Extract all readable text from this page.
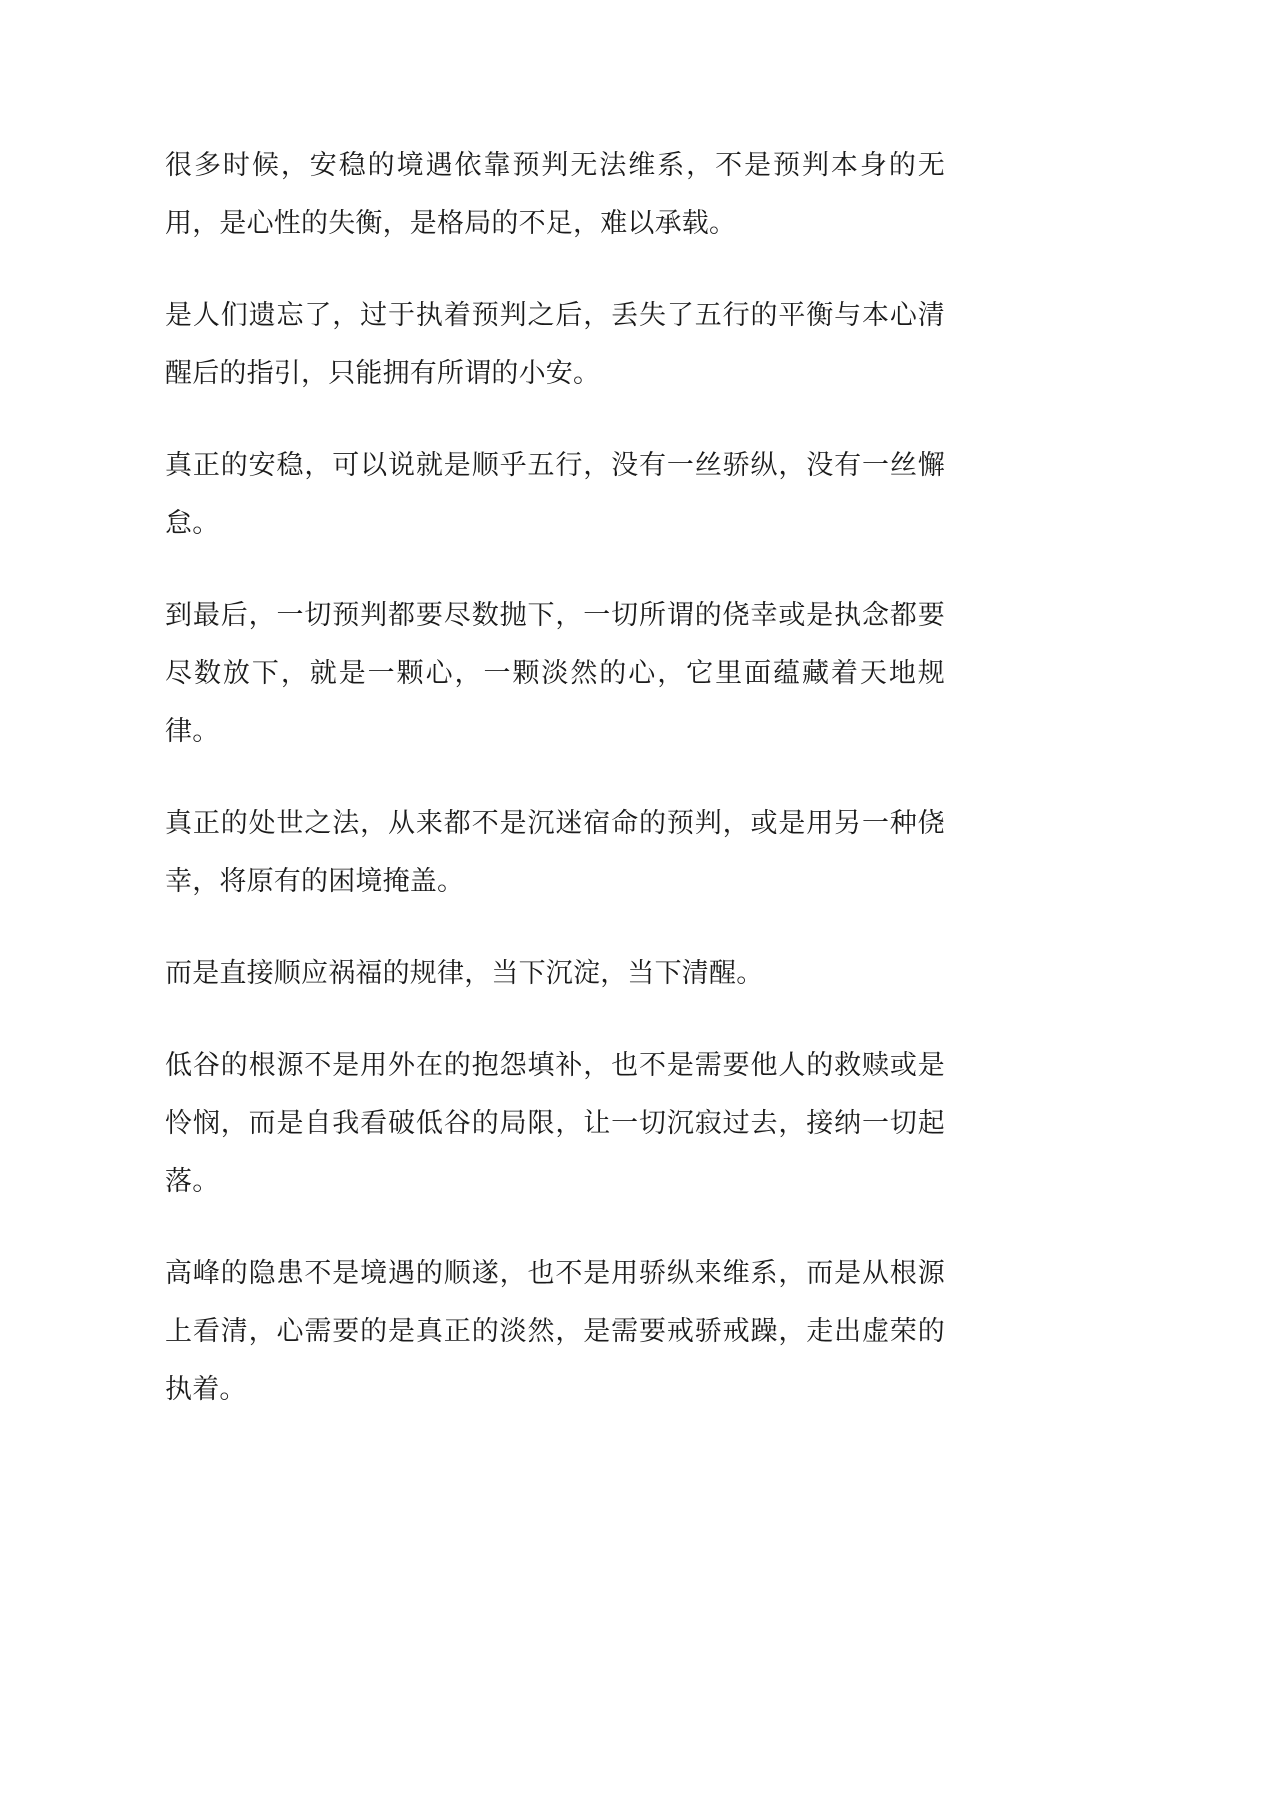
很多时候，安稳的境遇依靠预判无法维系，不是预判本身的无用，是心性的失衡，是格局的不足，难以承载。

是人们遗忘了，过于执着预判之后，丢失了五行的平衡与本心清醒后的指引，只能拥有所谓的小安。

真正的安稳，可以说就是顺乎五行，没有一丝骄纵，没有一丝懈怠。

到最后，一切预判都要尽数抛下，一切所谓的侥幸或是执念都要尽数放下，就是一颗心，一颗淡然的心，它里面蕴藏着天地规律。

真正的处世之法，从来都不是沉迷宿命的预判，或是用另一种侥幸，将原有的困境掩盖。

而是直接顺应祸福的规律，当下沉淀，当下清醒。

低谷的根源不是用外在的抱怨填补，也不是需要他人的救赎或是怜悯，而是自我看破低谷的局限，让一切沉寂过去，接纳一切起落。

高峰的隐患不是境遇的顺遂，也不是用骄纵来维系，而是从根源上看清，心需要的是真正的淡然，是需要戒骄戒躁，走出虚荣的执着。
